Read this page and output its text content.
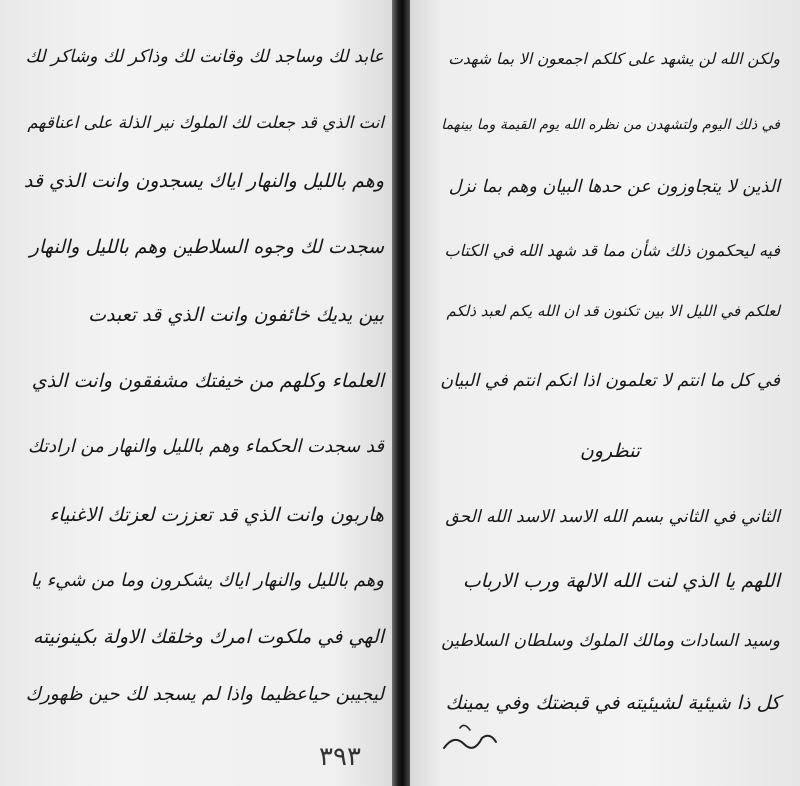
عابد لك وساجد لك وقانت لك وذاكر لك وشاكر لك
انت الذي قد جعلت لك الملوك نير الذلة على اعناقهم
وهم بالليل والنهار اياك يسجدون وانت الذي قد
سجدت لك وجوه السلاطين وهم بالليل والنهار
بين يديك خائفون وانت الذي قد تعبدت
العلماء وكلهم من خيفتك مشفقون وانت الذي
قد سجدت الحكماء وهم بالليل والنهار من ارادتك
هاربون وانت الذي قد تعززت لعزتك الاغنياء
وهم بالليل والنهار اياك يشكرون وما من شيء يا
الهي في ملكوت امرك وخلقك الاولة بكينونيته
ليجيبن حياعظيما واذا لم يسجد لك حين ظهورك
٣٩٣
ولكن الله لن يشهد على كلكم اجمعون الا بما شهدت
في ذلك اليوم ولتشهدن من نظره الله يوم القيمة وما بينهما
الذين لا يتجاوزون عن حدها البيان وهم بما نزل
فيه ليحكمون ذلك شأن مما قد شهد الله في الكتاب
لعلكم في الليل الا بين تكنون قد ان الله يكم لعبد ذلكم
في كل ما انتم لا تعلمون اذا انكم انتم في البيان
تنظرون
الثاني في الثاني بسم الله الاسد الاسد الله الحق
اللهم يا الذي لنت الله الالهة ورب الارباب
وسيد السادات ومالك الملوك وسلطان السلاطين
كل ذا شيئية لشيئيته في قبضتك وفي يمينك
